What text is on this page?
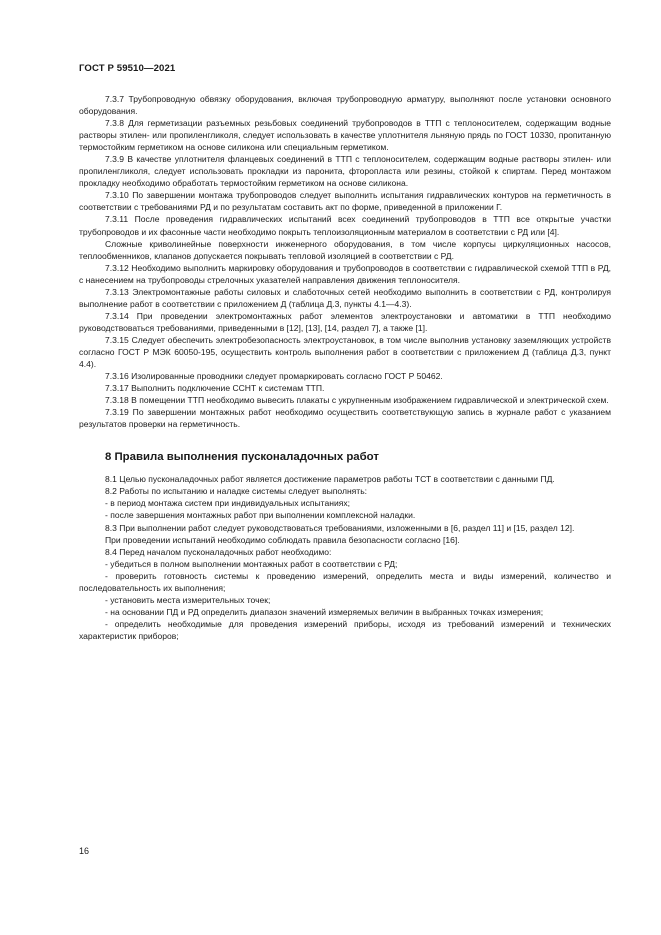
ГОСТ Р 59510—2021

7.3.7 Трубопроводную обвязку оборудования, включая трубопроводную арматуру, выполняют после установки основного оборудования.

7.3.8 Для герметизации разъемных резьбовых соединений трубопроводов в ТТП с теплоносителем, содержащим водные растворы этилен- или пропиленгликоля, следует использовать в качестве уплотнителя льняную прядь по ГОСТ 10330, пропитанную термостойким герметиком на основе силикона или специальным герметиком.

7.3.9 В качестве уплотнителя фланцевых соединений в ТТП с теплоносителем, содержащим водные растворы этилен- или пропиленгликоля, следует использовать прокладки из паронита, фторопласта или резины, стойкой к спиртам. Перед монтажом прокладку необходимо обработать термостойким герметиком на основе силикона.

7.3.10 По завершении монтажа трубопроводов следует выполнить испытания гидравлических контуров на герметичность в соответствии с требованиями РД и по результатам составить акт по форме, приведенной в приложении Г.

7.3.11 После проведения гидравлических испытаний всех соединений трубопроводов в ТТП все открытые участки трубопроводов и их фасонные части необходимо покрыть теплоизоляционным материалом в соответствии с РД или [4].

Сложные криволинейные поверхности инженерного оборудования, в том числе корпусы циркуляционных насосов, теплообменников, клапанов допускается покрывать тепловой изоляцией в соответствии с РД.

7.3.12 Необходимо выполнить маркировку оборудования и трубопроводов в соответствии с гидравлической схемой ТТП в РД, с нанесением на трубопроводы стрелочных указателей направления движения теплоносителя.

7.3.13 Электромонтажные работы силовых и слаботочных сетей необходимо выполнить в соответствии с РД, контролируя выполнение работ в соответствии с приложением Д (таблица Д.3, пункты 4.1—4.3).

7.3.14 При проведении электромонтажных работ элементов электроустановки и автоматики в ТТП необходимо руководствоваться требованиями, приведенными в [12], [13], [14, раздел 7], а также [1].

7.3.15 Следует обеспечить электробезопасность электроустановок, в том числе выполнив установку заземляющих устройств согласно ГОСТ Р МЭК 60050-195, осуществить контроль выполнения работ в соответствии с приложением Д (таблица Д.3, пункт 4.4).

7.3.16 Изолированные проводники следует промаркировать согласно ГОСТ Р 50462.

7.3.17 Выполнить подключение ССНТ к системам ТТП.

7.3.18 В помещении ТТП необходимо вывесить плакаты с укрупненным изображением гидравлической и электрической схем.

7.3.19 По завершении монтажных работ необходимо осуществить соответствующую запись в журнале работ с указанием результатов проверки на герметичность.

8 Правила выполнения пусконаладочных работ

8.1 Целью пусконаладочных работ является достижение параметров работы ТСТ в соответствии с данными ПД.

8.2 Работы по испытанию и наладке системы следует выполнять:

- в период монтажа систем при индивидуальных испытаниях;

- после завершения монтажных работ при выполнении комплексной наладки.

8.3 При выполнении работ следует руководствоваться требованиями, изложенными в [6, раздел 11] и [15, раздел 12].

При проведении испытаний необходимо соблюдать правила безопасности согласно [16].

8.4 Перед началом пусконаладочных работ необходимо:

- убедиться в полном выполнении монтажных работ в соответствии с РД;

- проверить готовность системы к проведению измерений, определить места и виды измерений, количество и последовательность их выполнения;

- установить места измерительных точек;

- на основании ПД и РД определить диапазон значений измеряемых величин в выбранных точках измерения;

- определить необходимые для проведения измерений приборы, исходя из требований измерений и технических характеристик приборов;

16
